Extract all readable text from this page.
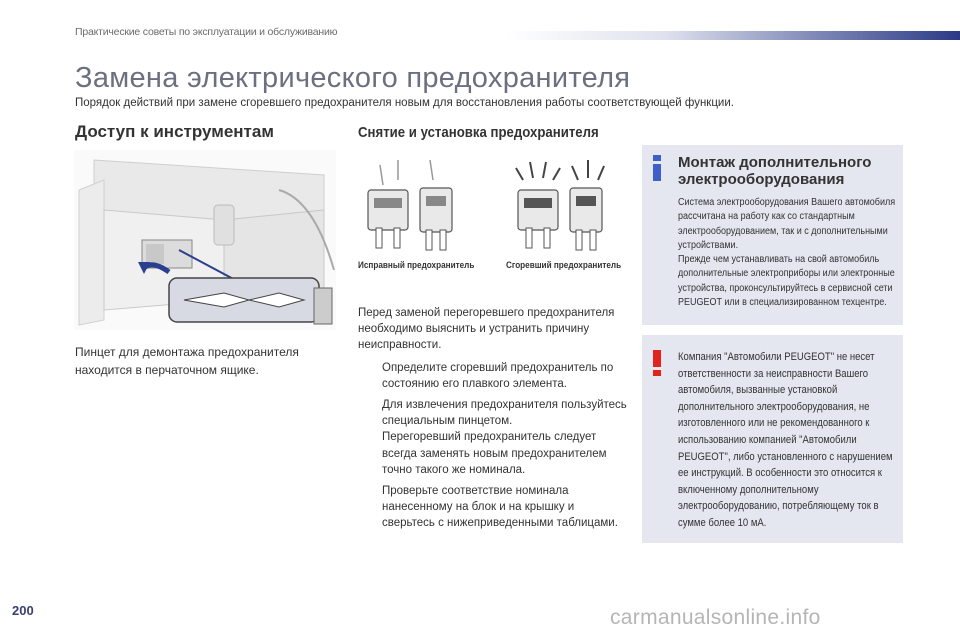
Практические советы по эксплуатации и обслуживанию
Замена электрического предохранителя
Порядок действий при замене сгоревшего предохранителя новым для восстановления работы соответствующей функции.
Доступ к инструментам	Снятие и установка предохранителя
Пинцет для демонтажа предохранителя находится в перчаточном ящике.
Исправный предохранитель	Сгоревший предохранитель

Перед заменой перегоревшего предохранителя необходимо выяснить и устранить причину неисправности.

Определите сгоревший предохранитель по состоянию его плавкого элемента.
Для извлечения предохранителя пользуйтесь специальным пинцетом.
Перегоревший предохранитель следует всегда заменять новым предохранителем точно такого же номинала.
Проверьте соответствие номинала нанесенному на блок и на крышку и сверьтесь с нижеприведенными таблицами.
Монтаж дополнительного электрооборудования

Система электрооборудования Вашего автомобиля рассчитана на работу как со стандартным электрооборудованием, так и с дополнительными устройствами.

Прежде чем устанавливать на свой автомобиль дополнительные электроприборы или электронные устройства, проконсультируйтесь в сервисной сети PEUGEOT или в специализированном техцентре.

Компания "Автомобили PEUGEOT" не несет ответственности за неисправности Вашего автомобиля, вызванные установкой дополнительного электрооборудования, не изготовленного или не рекомендованного к использованию компанией "Автомобили PEUGEOT", либо установленного с нарушением ее инструкций. В особенности это относится к включенному дополнительному электрооборудованию, потребляющему ток в сумме более 10 мА.
200	carmanualsonline.info
